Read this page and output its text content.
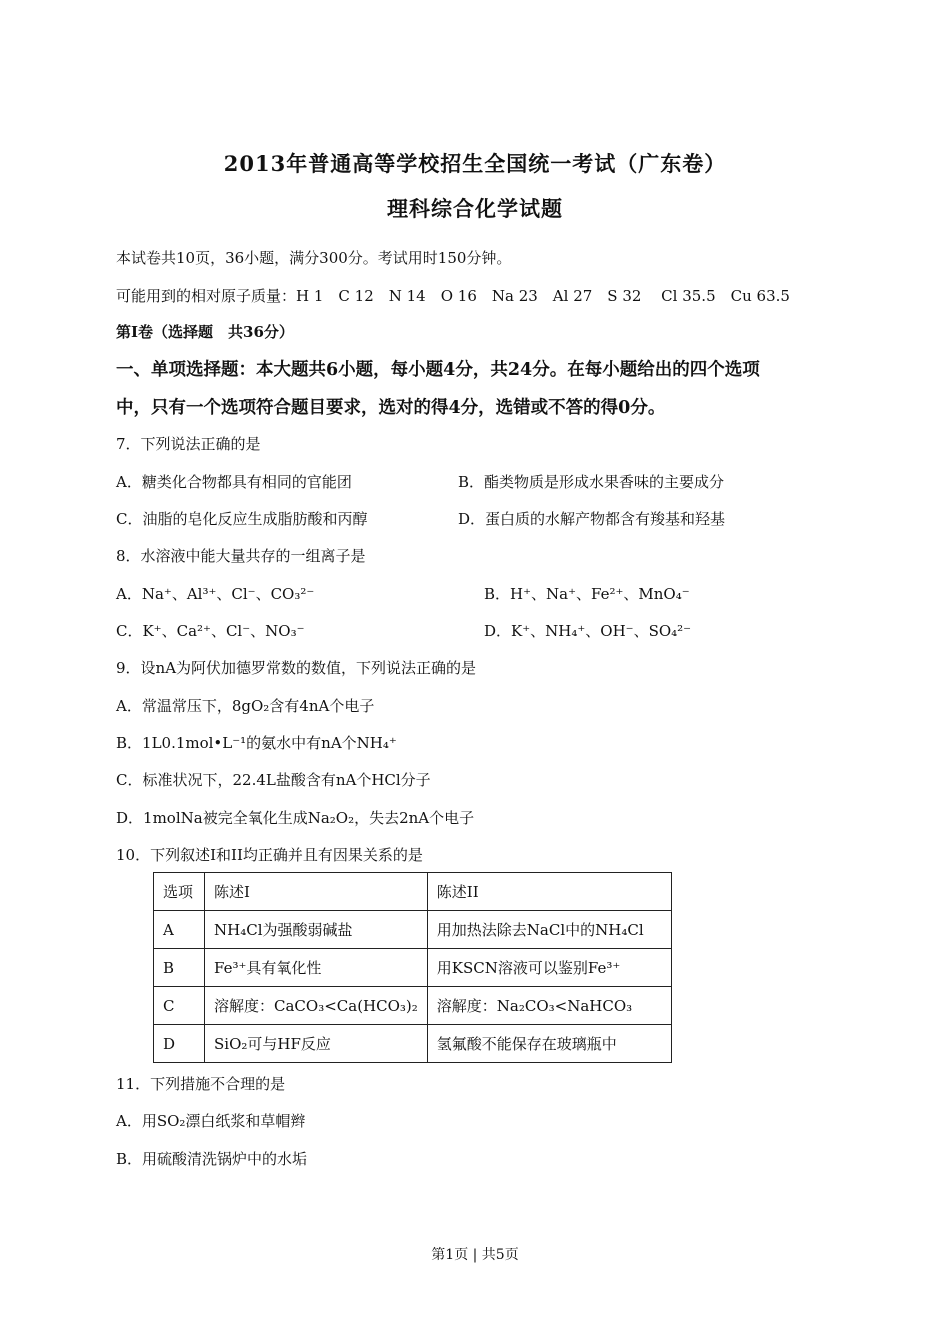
2013年普通高等学校招生全国统一考试（广东卷）
理科综合化学试题
本试卷共10页，36小题，满分300分。考试用时150分钟。
可能用到的相对原子质量：H 1　C 12　N 14　O 16　Na 23　Al 27　S 32　 Cl 35.5　Cu 63.5
第Ⅰ卷（选择题　共36分）
一、单项选择题：本大题共6小题，每小题4分，共24分。在每小题给出的四个选项
中，只有一个选项符合题目要求，选对的得4分，选错或不答的得0分。
7．下列说法正确的是
A．糖类化合物都具有相同的官能团	B．酯类物质是形成水果香味的主要成分
C．油脂的皂化反应生成脂肪酸和丙醇	D．蛋白质的水解产物都含有羧基和羟基
8．水溶液中能大量共存的一组离子是
A．Na⁺、Al³⁺、Cl⁻、CO₃²⁻	B．H⁺、Na⁺、Fe²⁺、MnO₄⁻
C．K⁺、Ca²⁺、Cl⁻、NO₃⁻	D．K⁺、NH₄⁺、OH⁻、SO₄²⁻
9．设nA为阿伏加德罗常数的数值，下列说法正确的是
A．常温常压下，8gO₂含有4nA个电子
B．1L0.1mol•L⁻¹的氨水中有nA个NH₄⁺
C．标准状况下，22.4L盐酸含有nA个HCl分子
D．1molNa被完全氧化生成Na₂O₂，失去2nA个电子
10．下列叙述I和II均正确并且有因果关系的是
选项	陈述I	陈述II
A	NH₄Cl为强酸弱碱盐	用加热法除去NaCl中的NH₄Cl
B	Fe³⁺具有氧化性	用KSCN溶液可以鉴别Fe³⁺
C	溶解度：CaCO₃<Ca(HCO₃)₂	溶解度：Na₂CO₃<NaHCO₃
D	SiO₂可与HF反应	氢氟酸不能保存在玻璃瓶中
11．下列措施不合理的是
A．用SO₂漂白纸浆和草帽辫
B．用硫酸清洗锅炉中的水垢
第1页 | 共5页
